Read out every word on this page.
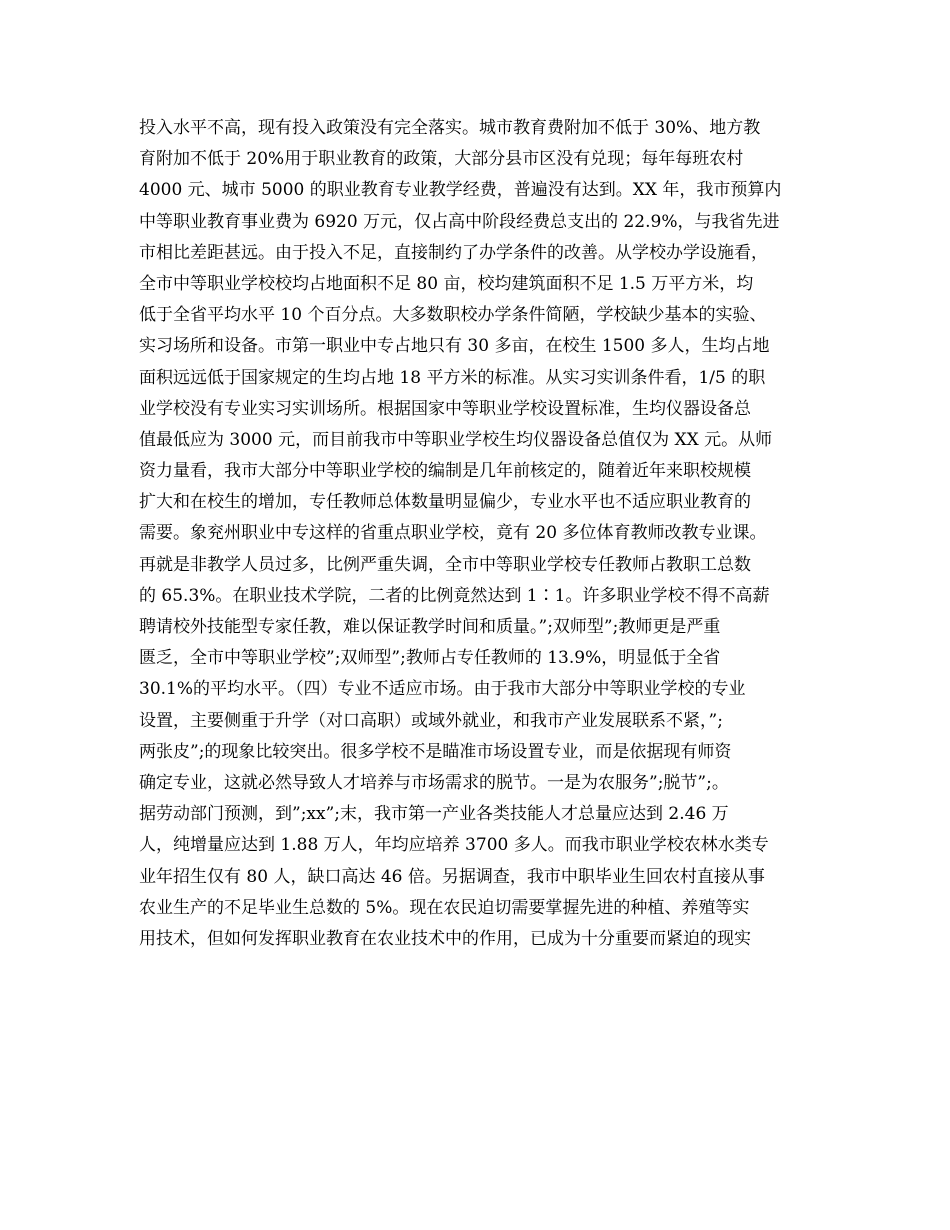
投入水平不高，现有投入政策没有完全落实。城市教育费附加不低于 30%、地方教
育附加不低于 20%用于职业教育的政策，大部分县市区没有兑现；每年每班农村
4000 元、城市 5000 的职业教育专业教学经费，普遍没有达到。XX 年，我市预算内
中等职业教育事业费为 6920 万元，仅占高中阶段经费总支出的 22.9%，与我省先进
市相比差距甚远。由于投入不足，直接制约了办学条件的改善。从学校办学设施看，
全市中等职业学校校均占地面积不足 80 亩，校均建筑面积不足 1.5 万平方米，均
低于全省平均水平 10 个百分点。大多数职校办学条件简陋，学校缺少基本的实验、
实习场所和设备。市第一职业中专占地只有 30 多亩，在校生 1500 多人，生均占地
面积远远低于国家规定的生均占地 18 平方米的标准。从实习实训条件看，1/5 的职
业学校没有专业实习实训场所。根据国家中等职业学校设置标准，生均仪器设备总
值最低应为 3000 元，而目前我市中等职业学校生均仪器设备总值仅为 XX 元。从师
资力量看，我市大部分中等职业学校的编制是几年前核定的，随着近年来职校规模
扩大和在校生的增加，专任教师总体数量明显偏少，专业水平也不适应职业教育的
需要。象兖州职业中专这样的省重点职业学校，竟有 20 多位体育教师改教专业课。
再就是非教学人员过多，比例严重失调，全市中等职业学校专任教师占教职工总数
的 65.3%。在职业技术学院，二者的比例竟然达到 1∶1。许多职业学校不得不高薪
聘请校外技能型专家任教，难以保证教学时间和质量。”;双师型”;教师更是严重
匮乏，全市中等职业学校”;双师型”;教师占专任教师的 13.9%，明显低于全省
30.1%的平均水平。（四）专业不适应市场。由于我市大部分中等职业学校的专业
设置，主要侧重于升学（对口高职）或域外就业，和我市产业发展联系不紧，”;
两张皮”;的现象比较突出。很多学校不是瞄准市场设置专业，而是依据现有师资
确定专业，这就必然导致人才培养与市场需求的脱节。一是为农服务”;脱节”;。
据劳动部门预测，到”;xx”;末，我市第一产业各类技能人才总量应达到 2.46 万
人，纯增量应达到 1.88 万人，年均应培养 3700 多人。而我市职业学校农林水类专
业年招生仅有 80 人，缺口高达 46 倍。另据调查，我市中职毕业生回农村直接从事
农业生产的不足毕业生总数的 5%。现在农民迫切需要掌握先进的种植、养殖等实
用技术，但如何发挥职业教育在农业技术中的作用，已成为十分重要而紧迫的现实
